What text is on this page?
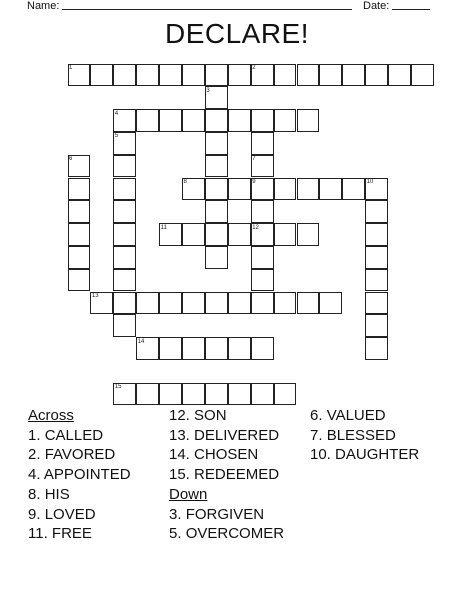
Name:	Date:
DECLARE!
1	2
3
4
5
6	7
8	9	10
11	12
13
14
15
Across
1. CALLED
2. FAVORED
4. APPOINTED
8. HIS
9. LOVED
11. FREE
12. SON
13. DELIVERED
14. CHOSEN
15. REDEEMED
Down
3. FORGIVEN
5. OVERCOMER
6. VALUED
7. BLESSED
10. DAUGHTER
